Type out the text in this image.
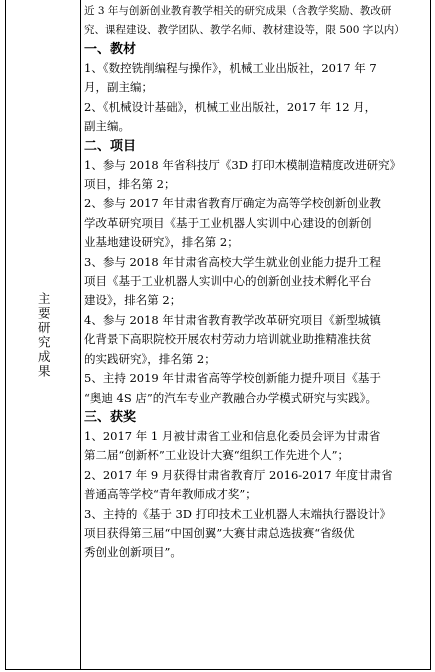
主要研究成果
近 3 年与创新创业教育教学相关的研究成果（含教学奖励、教改研
究、课程建设、教学团队、教学名师、教材建设等，限 500 字以内）
一、教材
1、《数控铣削编程与操作》，机械工业出版社，2017 年 7
月，副主编；
2、《机械设计基础》，机械工业出版社，2017 年 12 月，
副主编。
二、项目
1、参与 2018 年省科技厅《3D 打印木模制造精度改进研究》
项目，排名第 2；
2、参与 2017 年甘肃省教育厅确定为高等学校创新创业教
学改革研究项目《基于工业机器人实训中心建设的创新创
业基地建设研究》，排名第 2；
3、参与 2018 年甘肃省高校大学生就业创业能力提升工程
项目《基于工业机器人实训中心的创新创业技术孵化平台
建设》，排名第 2；
4、参与 2018 年甘肃省教育教学改革研究项目《新型城镇
化背景下高职院校开展农村劳动力培训就业助推精准扶贫
的实践研究》，排名第 2；
5、主持 2019 年甘肃省高等学校创新能力提升项目《基于
“奥迪 4S 店”的汽车专业产教融合办学模式研究与实践》。
三、获奖
1、2017 年 1 月被甘肃省工业和信息化委员会评为甘肃省
第二届“创新杯”工业设计大赛“组织工作先进个人”；
2、2017 年 9 月获得甘肃省教育厅 2016-2017 年度甘肃省
普通高等学校“青年教师成才奖”；
3、主持的《基于 3D 打印技术工业机器人末端执行器设计》
项目获得第三届“中国创翼”大赛甘肃总选拔赛“省级优
秀创业创新项目”。
